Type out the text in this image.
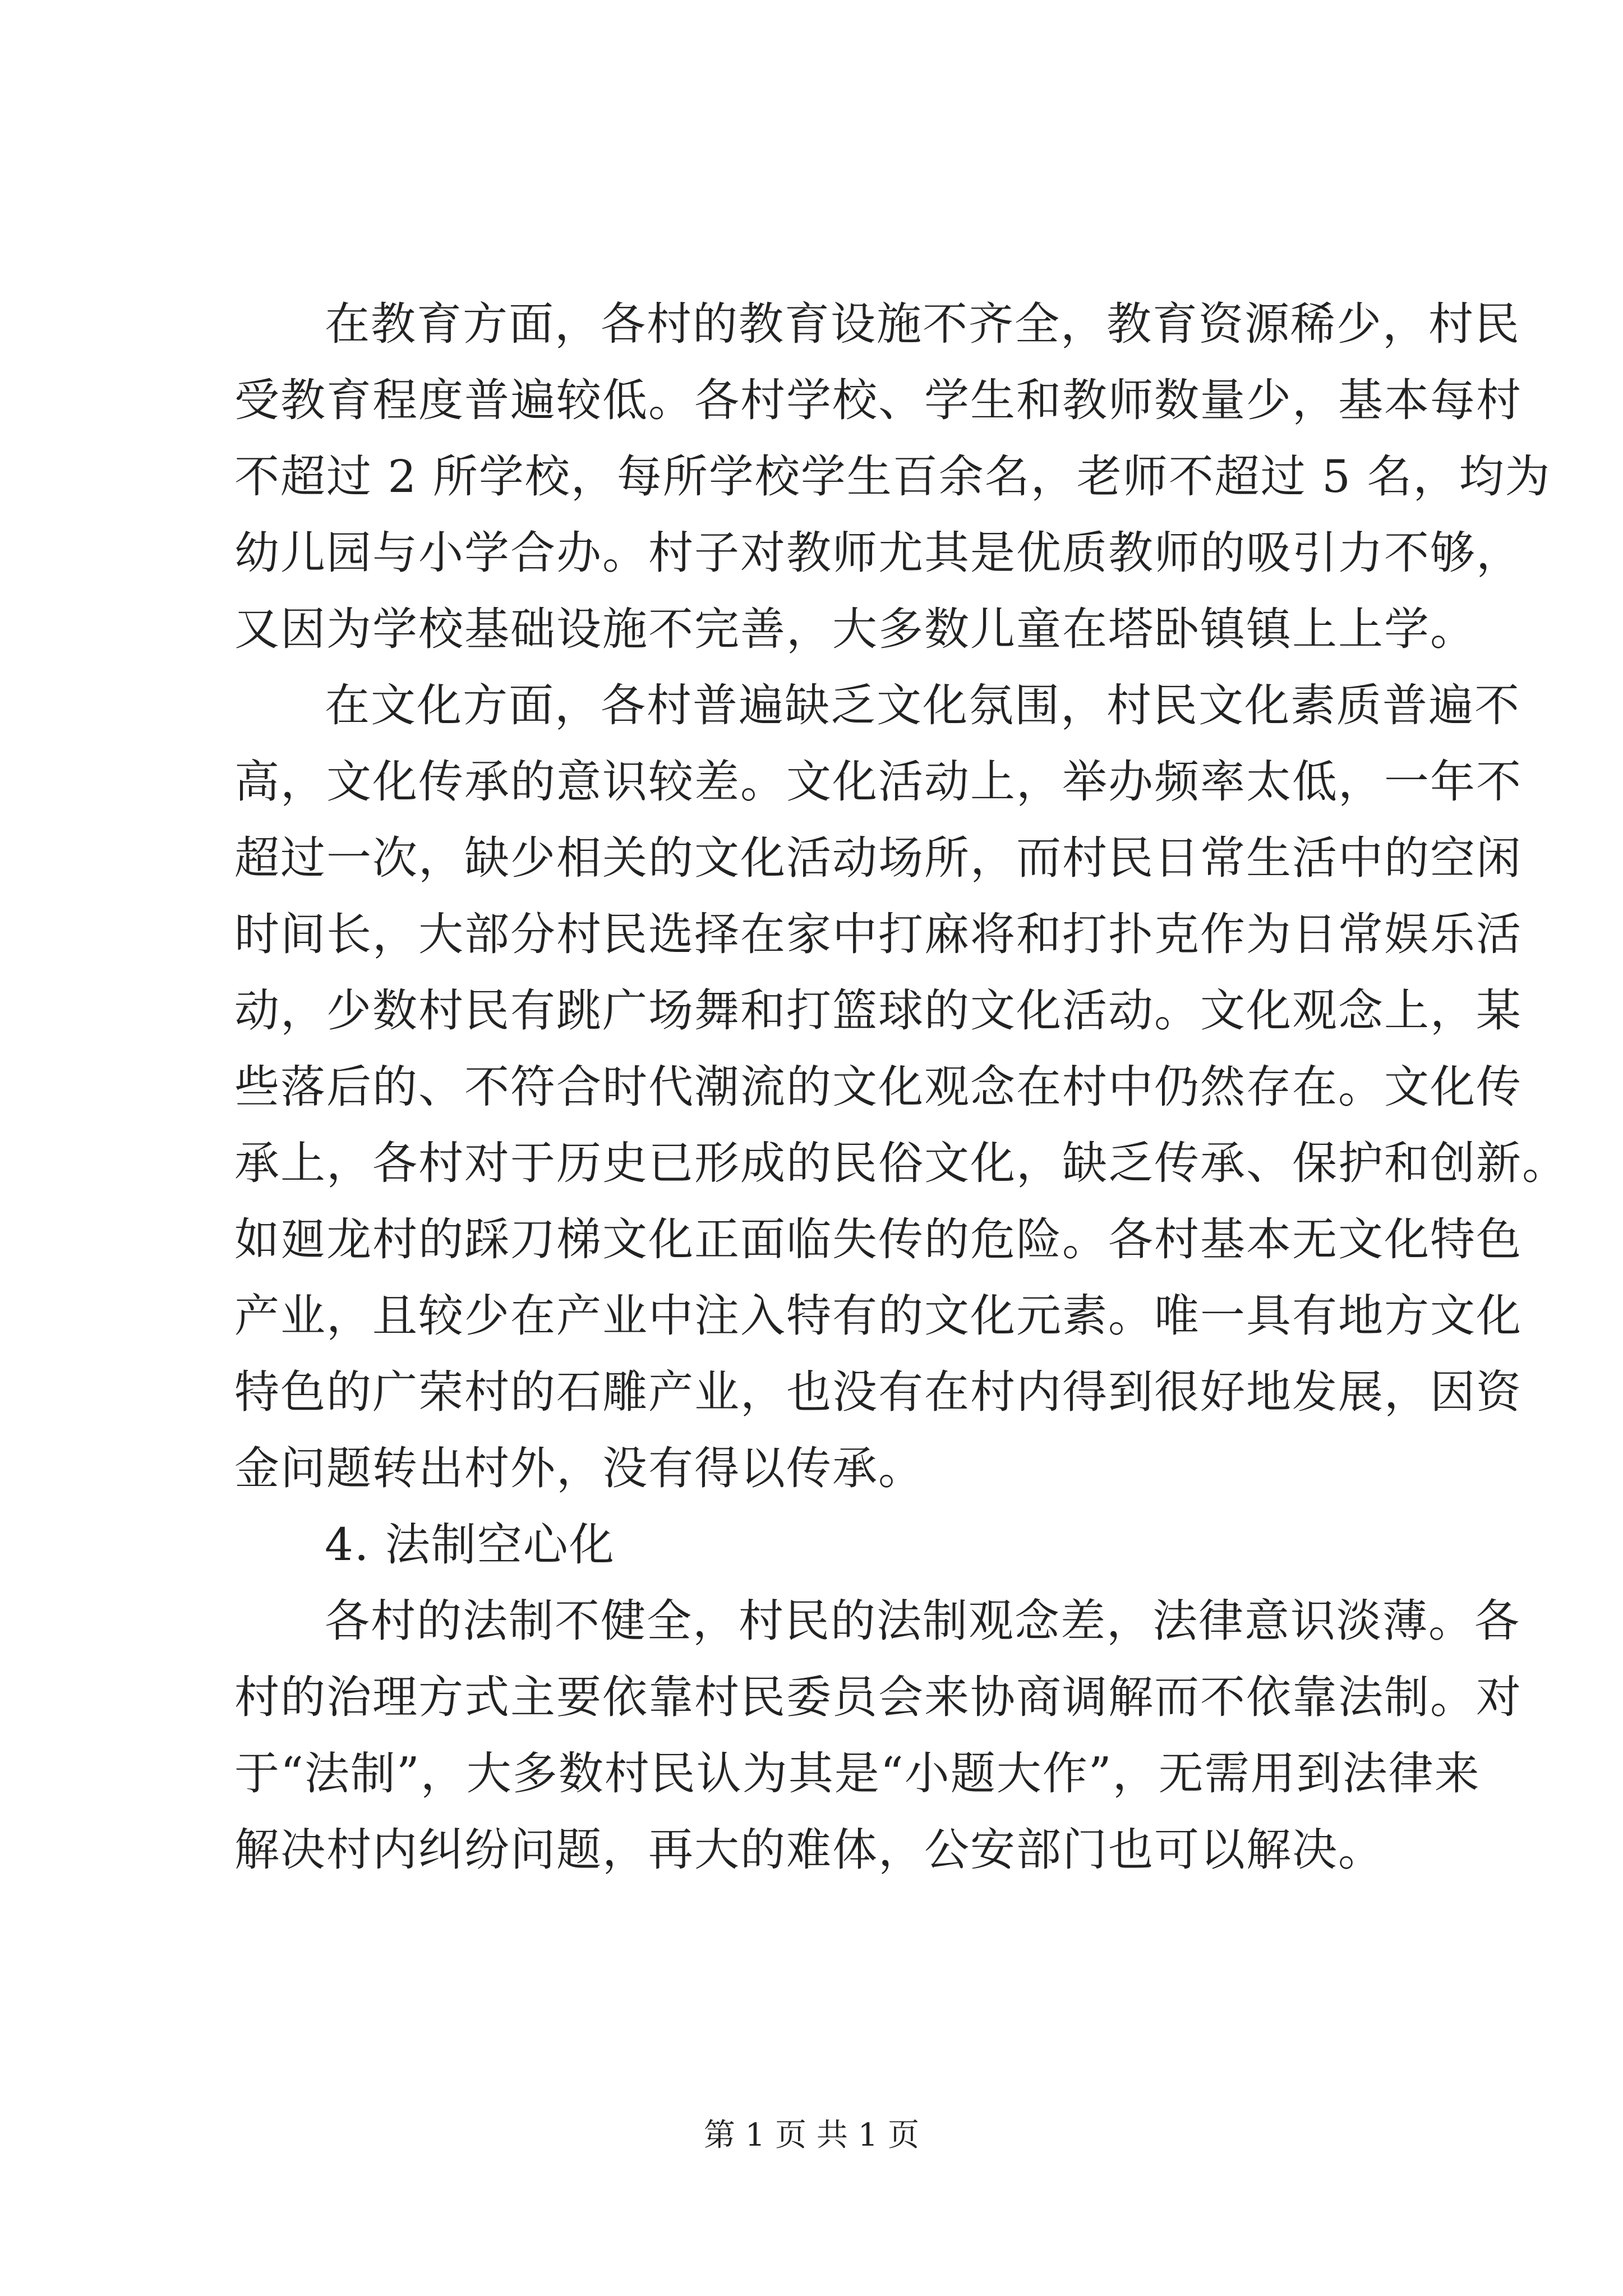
在教育方面，各村的教育设施不齐全，教育资源稀少，村民
受教育程度普遍较低。各村学校、学生和教师数量少，基本每村
不超过 2 所学校，每所学校学生百余名，老师不超过 5 名，均为
幼儿园与小学合办。村子对教师尤其是优质教师的吸引力不够，
又因为学校基础设施不完善，大多数儿童在塔卧镇镇上上学。
在文化方面，各村普遍缺乏文化氛围，村民文化素质普遍不
高，文化传承的意识较差。文化活动上，举办频率太低，一年不
超过一次，缺少相关的文化活动场所，而村民日常生活中的空闲
时间长，大部分村民选择在家中打麻将和打扑克作为日常娱乐活
动，少数村民有跳广场舞和打篮球的文化活动。文化观念上，某
些落后的、不符合时代潮流的文化观念在村中仍然存在。文化传
承上，各村对于历史已形成的民俗文化，缺乏传承、保护和创新。
如廻龙村的踩刀梯文化正面临失传的危险。各村基本无文化特色
产业，且较少在产业中注入特有的文化元素。唯一具有地方文化
特色的广荣村的石雕产业，也没有在村内得到很好地发展，因资
金问题转出村外，没有得以传承。
4. 法制空心化
各村的法制不健全，村民的法制观念差，法律意识淡薄。各
村的治理方式主要依靠村民委员会来协商调解而不依靠法制。对
于“法制”，大多数村民认为其是“小题大作”，无需用到法律来
解决村内纠纷问题，再大的难体，公安部门也可以解决。
第 1 页 共 1 页
